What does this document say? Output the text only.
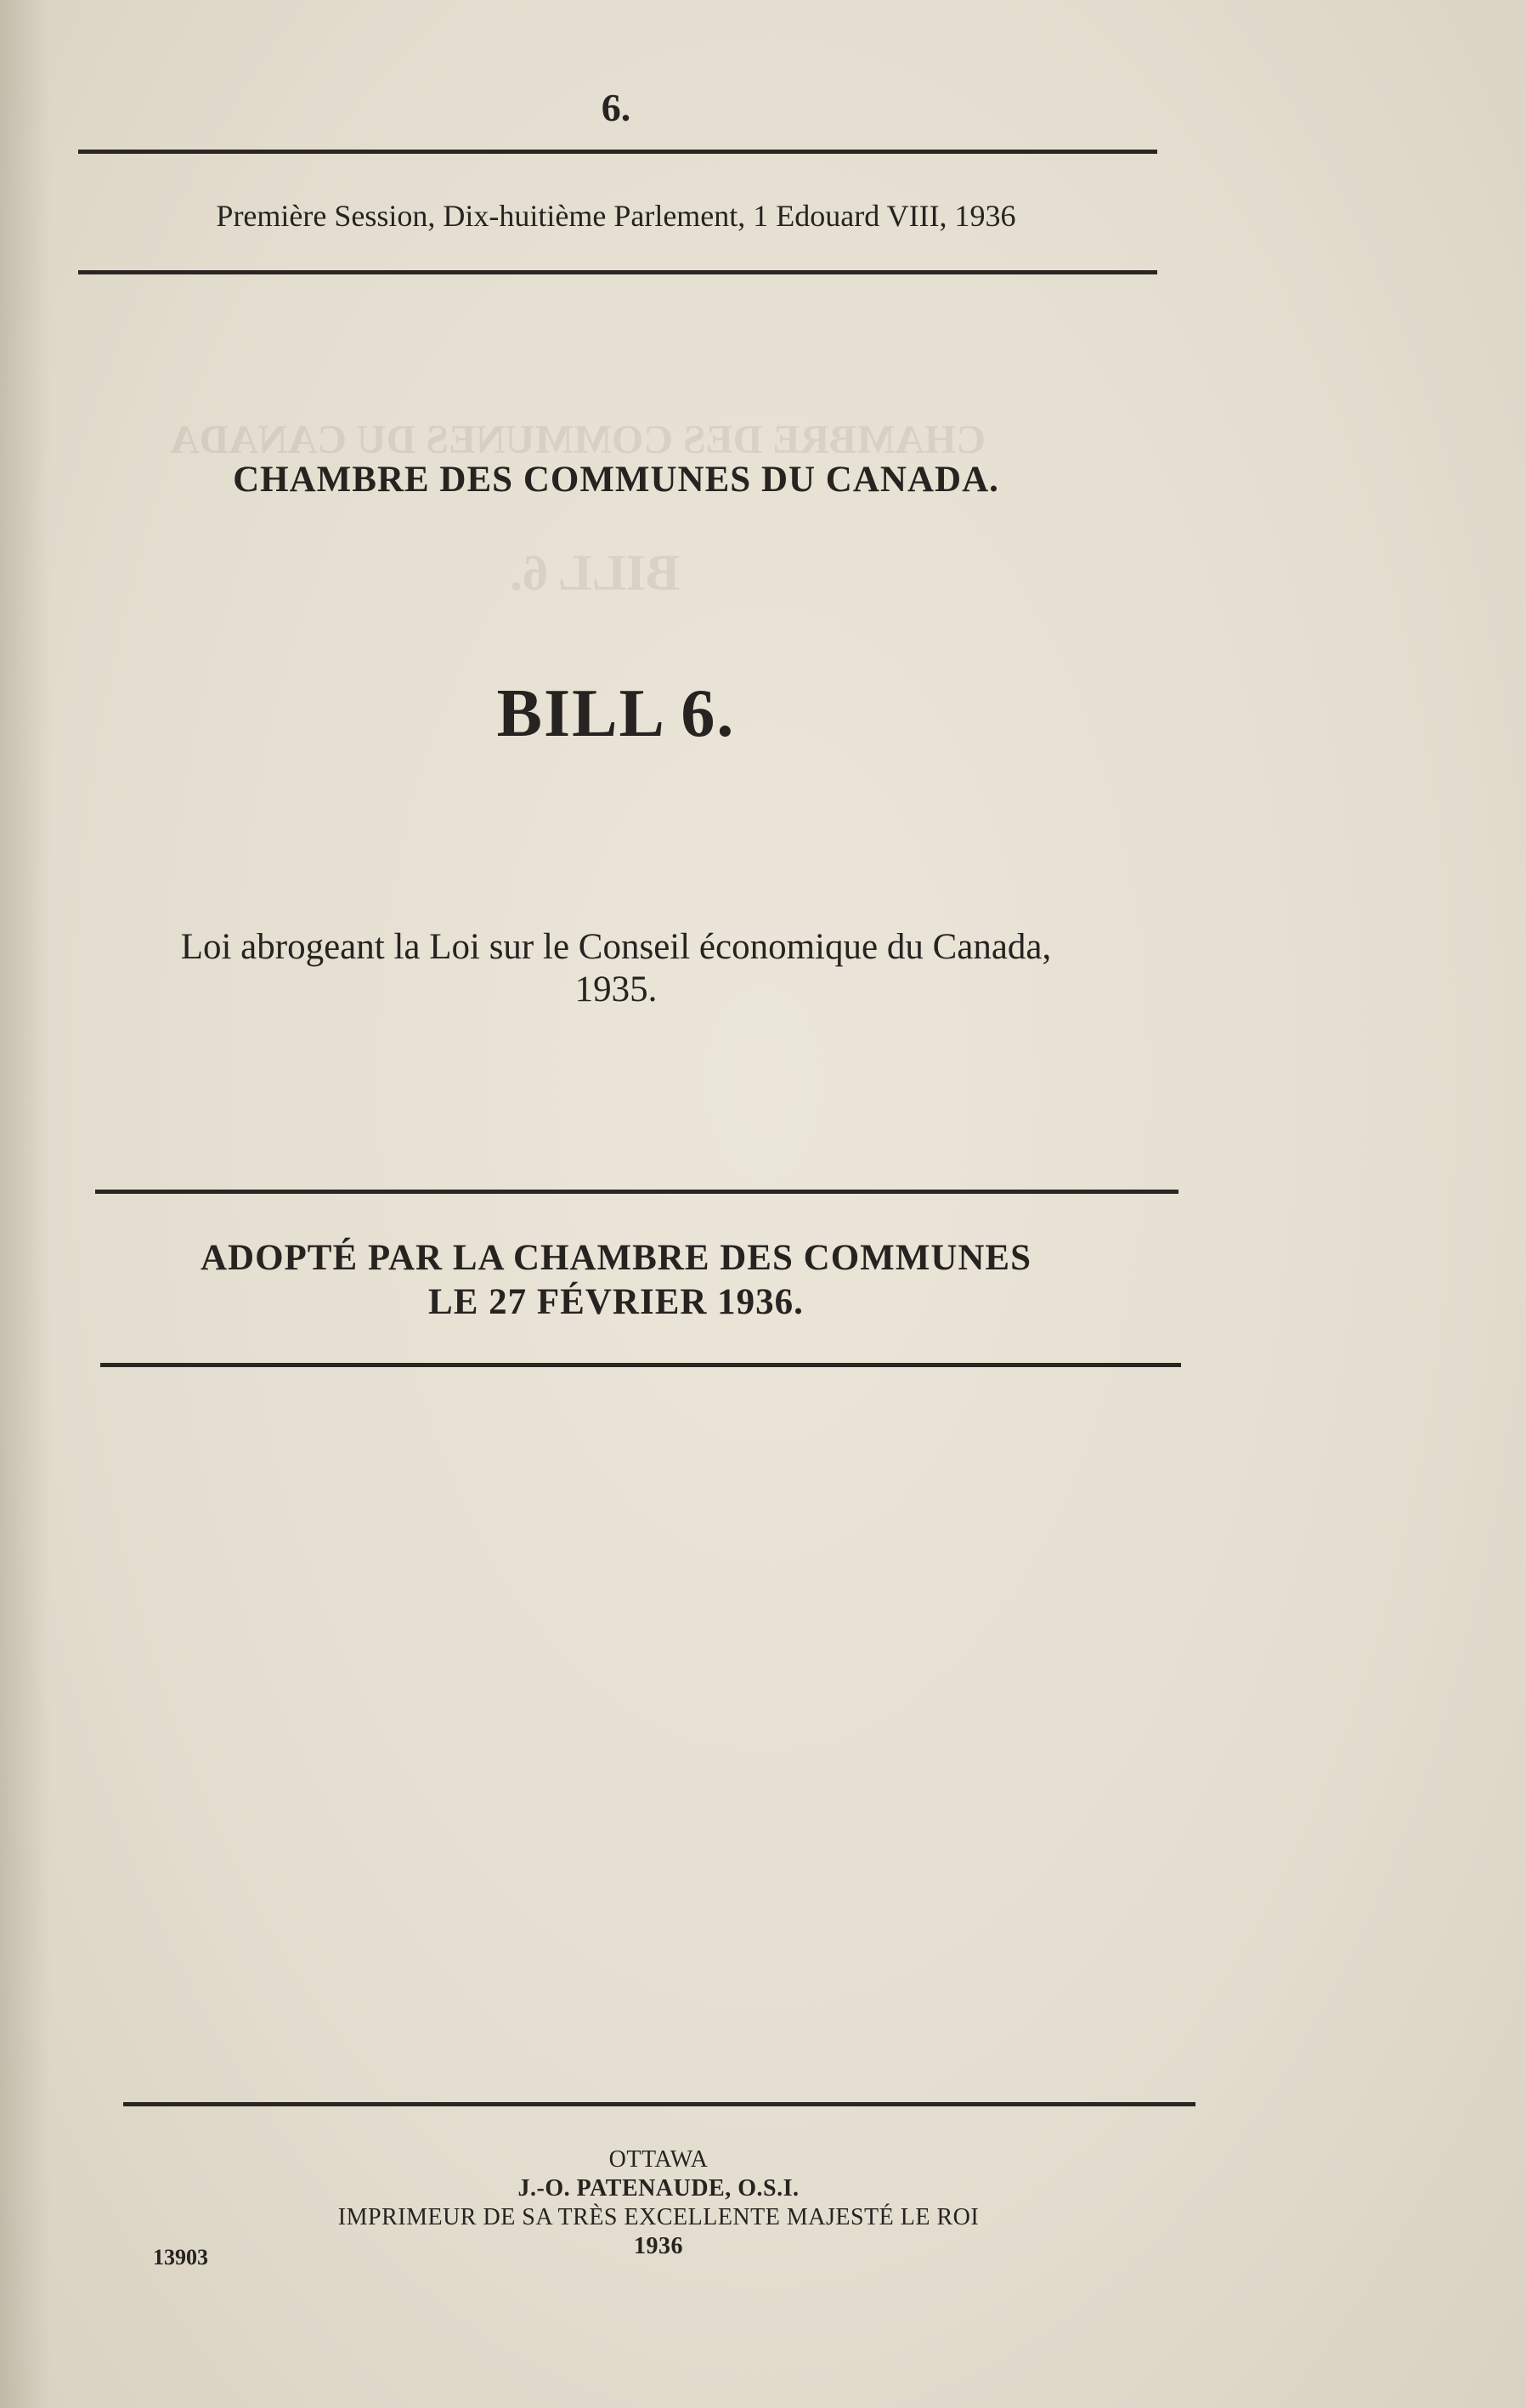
CHAMBRE DES COMMUNES DU CANADA
BILL 6.
6.
Première Session, Dix-huitième Parlement, 1 Edouard VIII, 1936
CHAMBRE DES COMMUNES DU CANADA.
BILL 6.
Loi abrogeant la Loi sur le Conseil économique du Canada,
1935.
ADOPTÉ PAR LA CHAMBRE DES COMMUNES
LE 27 FÉVRIER 1936.
OTTAWA
J.-O. PATENAUDE, O.S.I.
IMPRIMEUR DE SA TRÈS EXCELLENTE MAJESTÉ LE ROI
1936
13903
